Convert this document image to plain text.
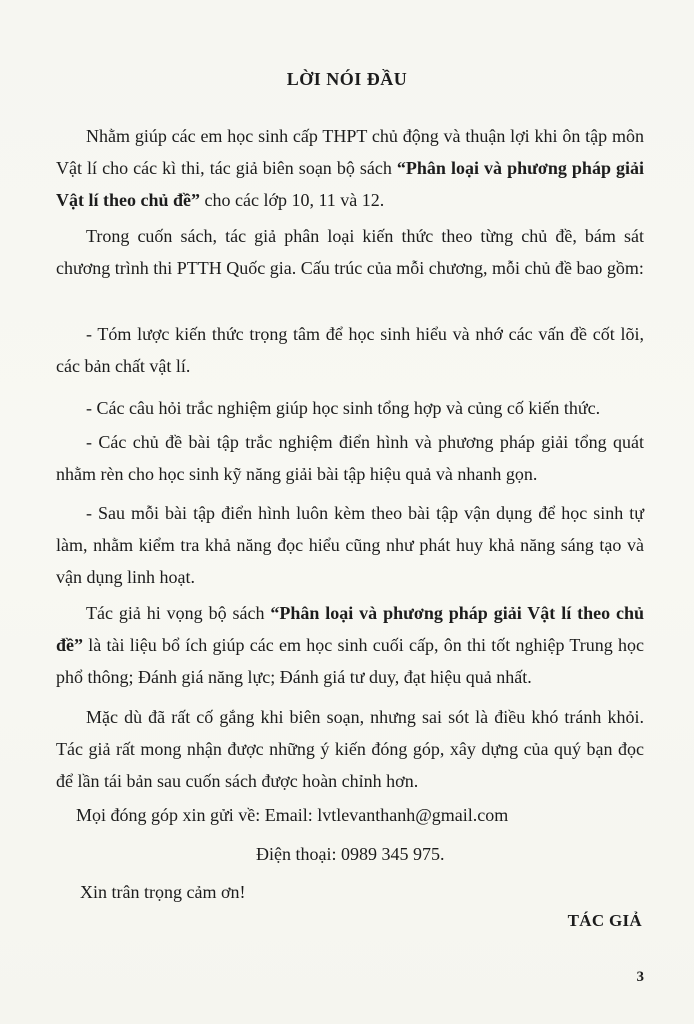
LỜI NÓI ĐẦU

Nhằm giúp các em học sinh cấp THPT chủ động và thuận lợi khi ôn tập môn Vật lí cho các kì thi, tác giả biên soạn bộ sách “Phân loại và phương pháp giải Vật lí theo chủ đề” cho các lớp 10, 11 và 12.

Trong cuốn sách, tác giả phân loại kiến thức theo từng chủ đề, bám sát chương trình thi PTTH Quốc gia. Cấu trúc của mỗi chương, mỗi chủ đề bao gồm:

- Tóm lược kiến thức trọng tâm để học sinh hiểu và nhớ các vấn đề cốt lõi, các bản chất vật lí.

- Các câu hỏi trắc nghiệm giúp học sinh tổng hợp và củng cố kiến thức.

- Các chủ đề bài tập trắc nghiệm điển hình và phương pháp giải tổng quát nhằm rèn cho học sinh kỹ năng giải bài tập hiệu quả và nhanh gọn.

- Sau mỗi bài tập điển hình luôn kèm theo bài tập vận dụng để học sinh tự làm, nhằm kiểm tra khả năng đọc hiểu cũng như phát huy khả năng sáng tạo và vận dụng linh hoạt.

Tác giả hi vọng bộ sách “Phân loại và phương pháp giải Vật lí theo chủ đề” là tài liệu bổ ích giúp các em học sinh cuối cấp, ôn thi tốt nghiệp Trung học phổ thông; Đánh giá năng lực; Đánh giá tư duy, đạt hiệu quả nhất.

Mặc dù đã rất cố gắng khi biên soạn, nhưng sai sót là điều khó tránh khỏi. Tác giả rất mong nhận được những ý kiến đóng góp, xây dựng của quý bạn đọc để lần tái bản sau cuốn sách được hoàn chỉnh hơn.

Mọi đóng góp xin gửi về: Email: lvtlevanthanh@gmail.com
Điện thoại: 0989 345 975.
Xin trân trọng cảm ơn!
TÁC GIẢ
3
